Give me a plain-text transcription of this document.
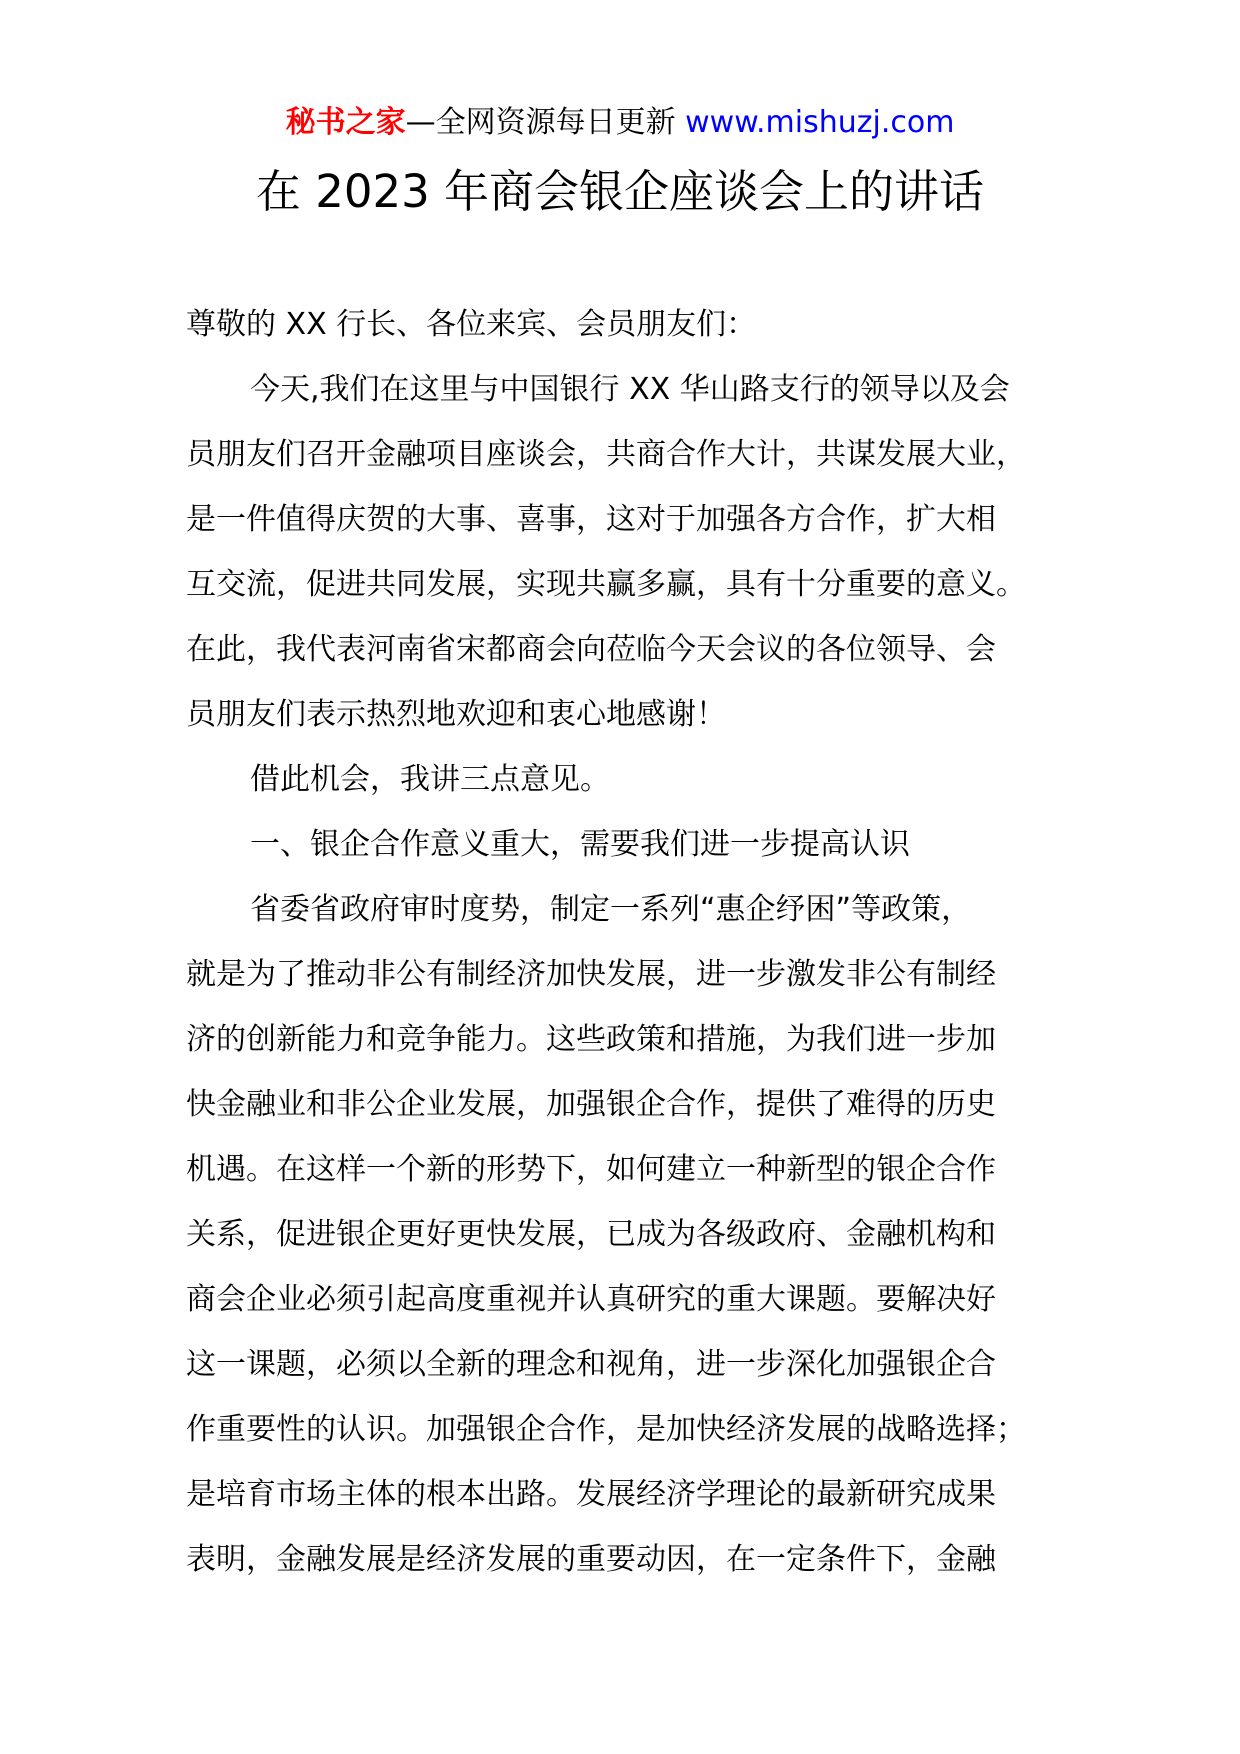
秘书之家—全网资源每日更新 www.mishuzj.com
在 2023 年商会银企座谈会上的讲话
尊敬的 XX 行长、各位来宾、会员朋友们：
今天,我们在这里与中国银行 XX 华山路支行的领导以及会
员朋友们召开金融项目座谈会，共商合作大计，共谋发展大业，
是一件值得庆贺的大事、喜事，这对于加强各方合作，扩大相
互交流，促进共同发展，实现共赢多赢，具有十分重要的意义。
在此，我代表河南省宋都商会向莅临今天会议的各位领导、会
员朋友们表示热烈地欢迎和衷心地感谢！
借此机会，我讲三点意见。
一、银企合作意义重大，需要我们进一步提高认识
省委省政府审时度势，制定一系列“惠企纾困”等政策，
就是为了推动非公有制经济加快发展，进一步激发非公有制经
济的创新能力和竞争能力。这些政策和措施，为我们进一步加
快金融业和非公企业发展，加强银企合作，提供了难得的历史
机遇。在这样一个新的形势下，如何建立一种新型的银企合作
关系，促进银企更好更快发展，已成为各级政府、金融机构和
商会企业必须引起高度重视并认真研究的重大课题。要解决好
这一课题，必须以全新的理念和视角，进一步深化加强银企合
作重要性的认识。加强银企合作，是加快经济发展的战略选择；
是培育市场主体的根本出路。发展经济学理论的最新研究成果
表明，金融发展是经济发展的重要动因，在一定条件下，金融
